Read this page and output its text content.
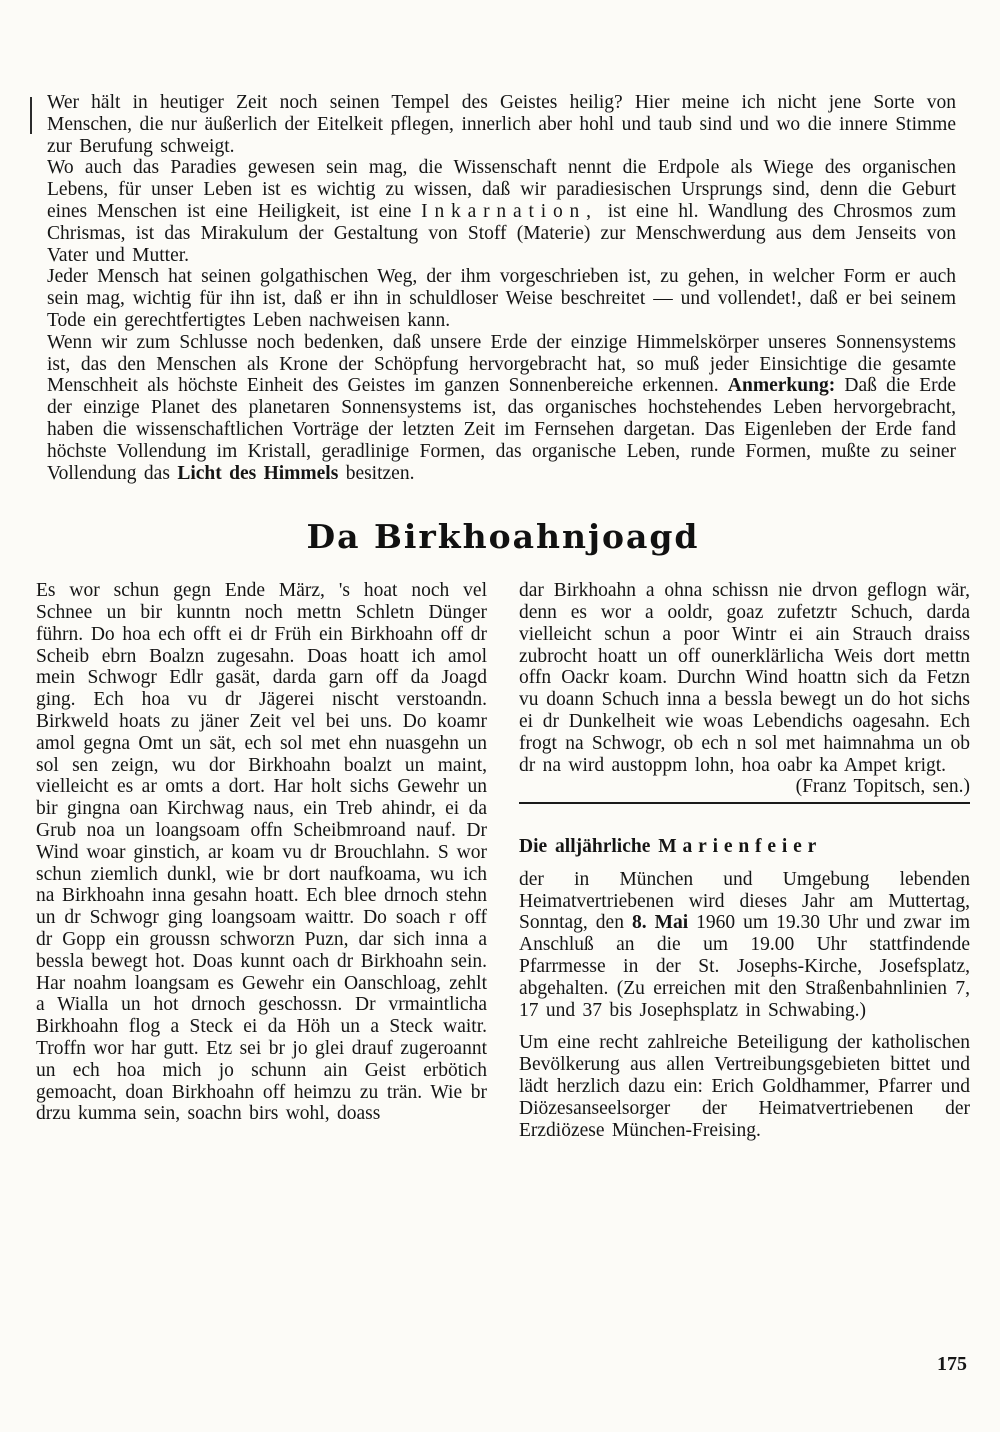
Wer hält in heutiger Zeit noch seinen Tempel des Geistes heilig? Hier meine ich nicht jene Sorte von Menschen, die nur äußerlich der Eitelkeit pflegen, innerlich aber hohl und taub sind und wo die innere Stimme zur Berufung schweigt.

Wo auch das Paradies gewesen sein mag, die Wissenschaft nennt die Erdpole als Wiege des organischen Lebens, für unser Leben ist es wichtig zu wissen, daß wir paradiesischen Ursprungs sind, denn die Geburt eines Menschen ist eine Heiligkeit, ist eine Inkarnation, ist eine hl. Wandlung des Chrosmos zum Chrismas, ist das Mirakulum der Gestaltung von Stoff (Materie) zur Menschwerdung aus dem Jenseits von Vater und Mutter.

Jeder Mensch hat seinen golgathischen Weg, der ihm vorgeschrieben ist, zu gehen, in welcher Form er auch sein mag, wichtig für ihn ist, daß er ihn in schuldloser Weise beschreitet — und vollendet!, daß er bei seinem Tode ein gerechtfertigtes Leben nachweisen kann.

Wenn wir zum Schlusse noch bedenken, daß unsere Erde der einzige Himmelskörper unseres Sonnensystems ist, das den Menschen als Krone der Schöpfung hervorgebracht hat, so muß jeder Einsichtige die gesamte Menschheit als höchste Einheit des Geistes im ganzen Sonnenbereiche erkennen. Anmerkung: Daß die Erde der einzige Planet des planetaren Sonnensystems ist, das organisches hochstehendes Leben hervorgebracht, haben die wissenschaftlichen Vorträge der letzten Zeit im Fernsehen dargetan. Das Eigenleben der Erde fand höchste Vollendung im Kristall, geradlinige Formen, das organische Leben, runde Formen, mußte zu seiner Vollendung das Licht des Himmels besitzen.

Da Birkhoahnjoagd

Es wor schun gegn Ende März, 's hoat noch vel Schnee un bir kunntn noch mettn Schletn Dünger führn. Do hoa ech offt ei dr Früh ein Birkhoahn off dr Scheib ebrn Boalzn zugesahn. Doas hoatt ich amol mein Schwogr Edlr gasät, darda garn off da Joagd ging. Ech hoa vu dr Jägerei nischt verstoandn. Birkweld hoats zu jäner Zeit vel bei uns. Do koamr amol gegna Omt un sät, ech sol met ehn nuasgehn un sol sen zeign, wu dor Birkhoahn boalzt un maint, vielleicht es ar omts a dort. Har holt sichs Gewehr un bir gingna oan Kirchwag naus, ein Treb ahindr, ei da Grub noa un loangsoam offn Scheibmroand nauf. Dr Wind woar ginstich, ar koam vu dr Brouchlahn. S wor schun ziemlich dunkl, wie br dort naufkoama, wu ich na Birkhoahn inna gesahn hoatt. Ech blee drnoch stehn un dr Schwogr ging loangsoam waittr. Do soach r off dr Gopp ein groussn schworzn Puzn, dar sich inna a bessla bewegt hot. Doas kunnt oach dr Birkhoahn sein. Har noahm loangsam es Gewehr ein Oanschloag, zehlt a Wialla un hot drnoch geschossn. Dr vrmaintlicha Birkhoahn flog a Steck ei da Höh un a Steck waitr. Troffn wor har gutt. Etz sei br jo glei drauf zugeroannt un ech hoa mich jo schunn ain Geist erbötich gemoacht, doan Birkhoahn off heimzu zu trän. Wie br drzu kumma sein, soachn birs wohl, doass

dar Birkhoahn a ohna schissn nie drvon geflogn wär, denn es wor a ooldr, goaz zufetztr Schuch, darda vielleicht schun a poor Wintr ei ain Strauch draiss zubrocht hoatt un off ounerklärlicha Weis dort mettn offn Oackr koam. Durchn Wind hoattn sich da Fetzn vu doann Schuch inna a bessla bewegt un do hot sichs ei dr Dunkelheit wie woas Lebendichs oagesahn. Ech frogt na Schwogr, ob ech n sol met haimnahma un ob dr na wird austoppm lohn, hoa oabr ka Ampet krigt.
(Franz Topitsch, sen.)

Die alljährliche Marienfeier

der in München und Umgebung lebenden Heimatvertriebenen wird dieses Jahr am Muttertag, Sonntag, den 8. Mai 1960 um 19.30 Uhr und zwar im Anschluß an die um 19.00 Uhr stattfindende Pfarrmesse in der St. Josephs-Kirche, Josefsplatz, abgehalten. (Zu erreichen mit den Straßenbahnlinien 7, 17 und 37 bis Josephsplatz in Schwabing.)

Um eine recht zahlreiche Beteiligung der katholischen Bevölkerung aus allen Vertreibungsgebieten bittet und lädt herzlich dazu ein: Erich Goldhammer, Pfarrer und Diözesanseelsorger der Heimatvertriebenen der Erzdiözese München-Freising.

175
